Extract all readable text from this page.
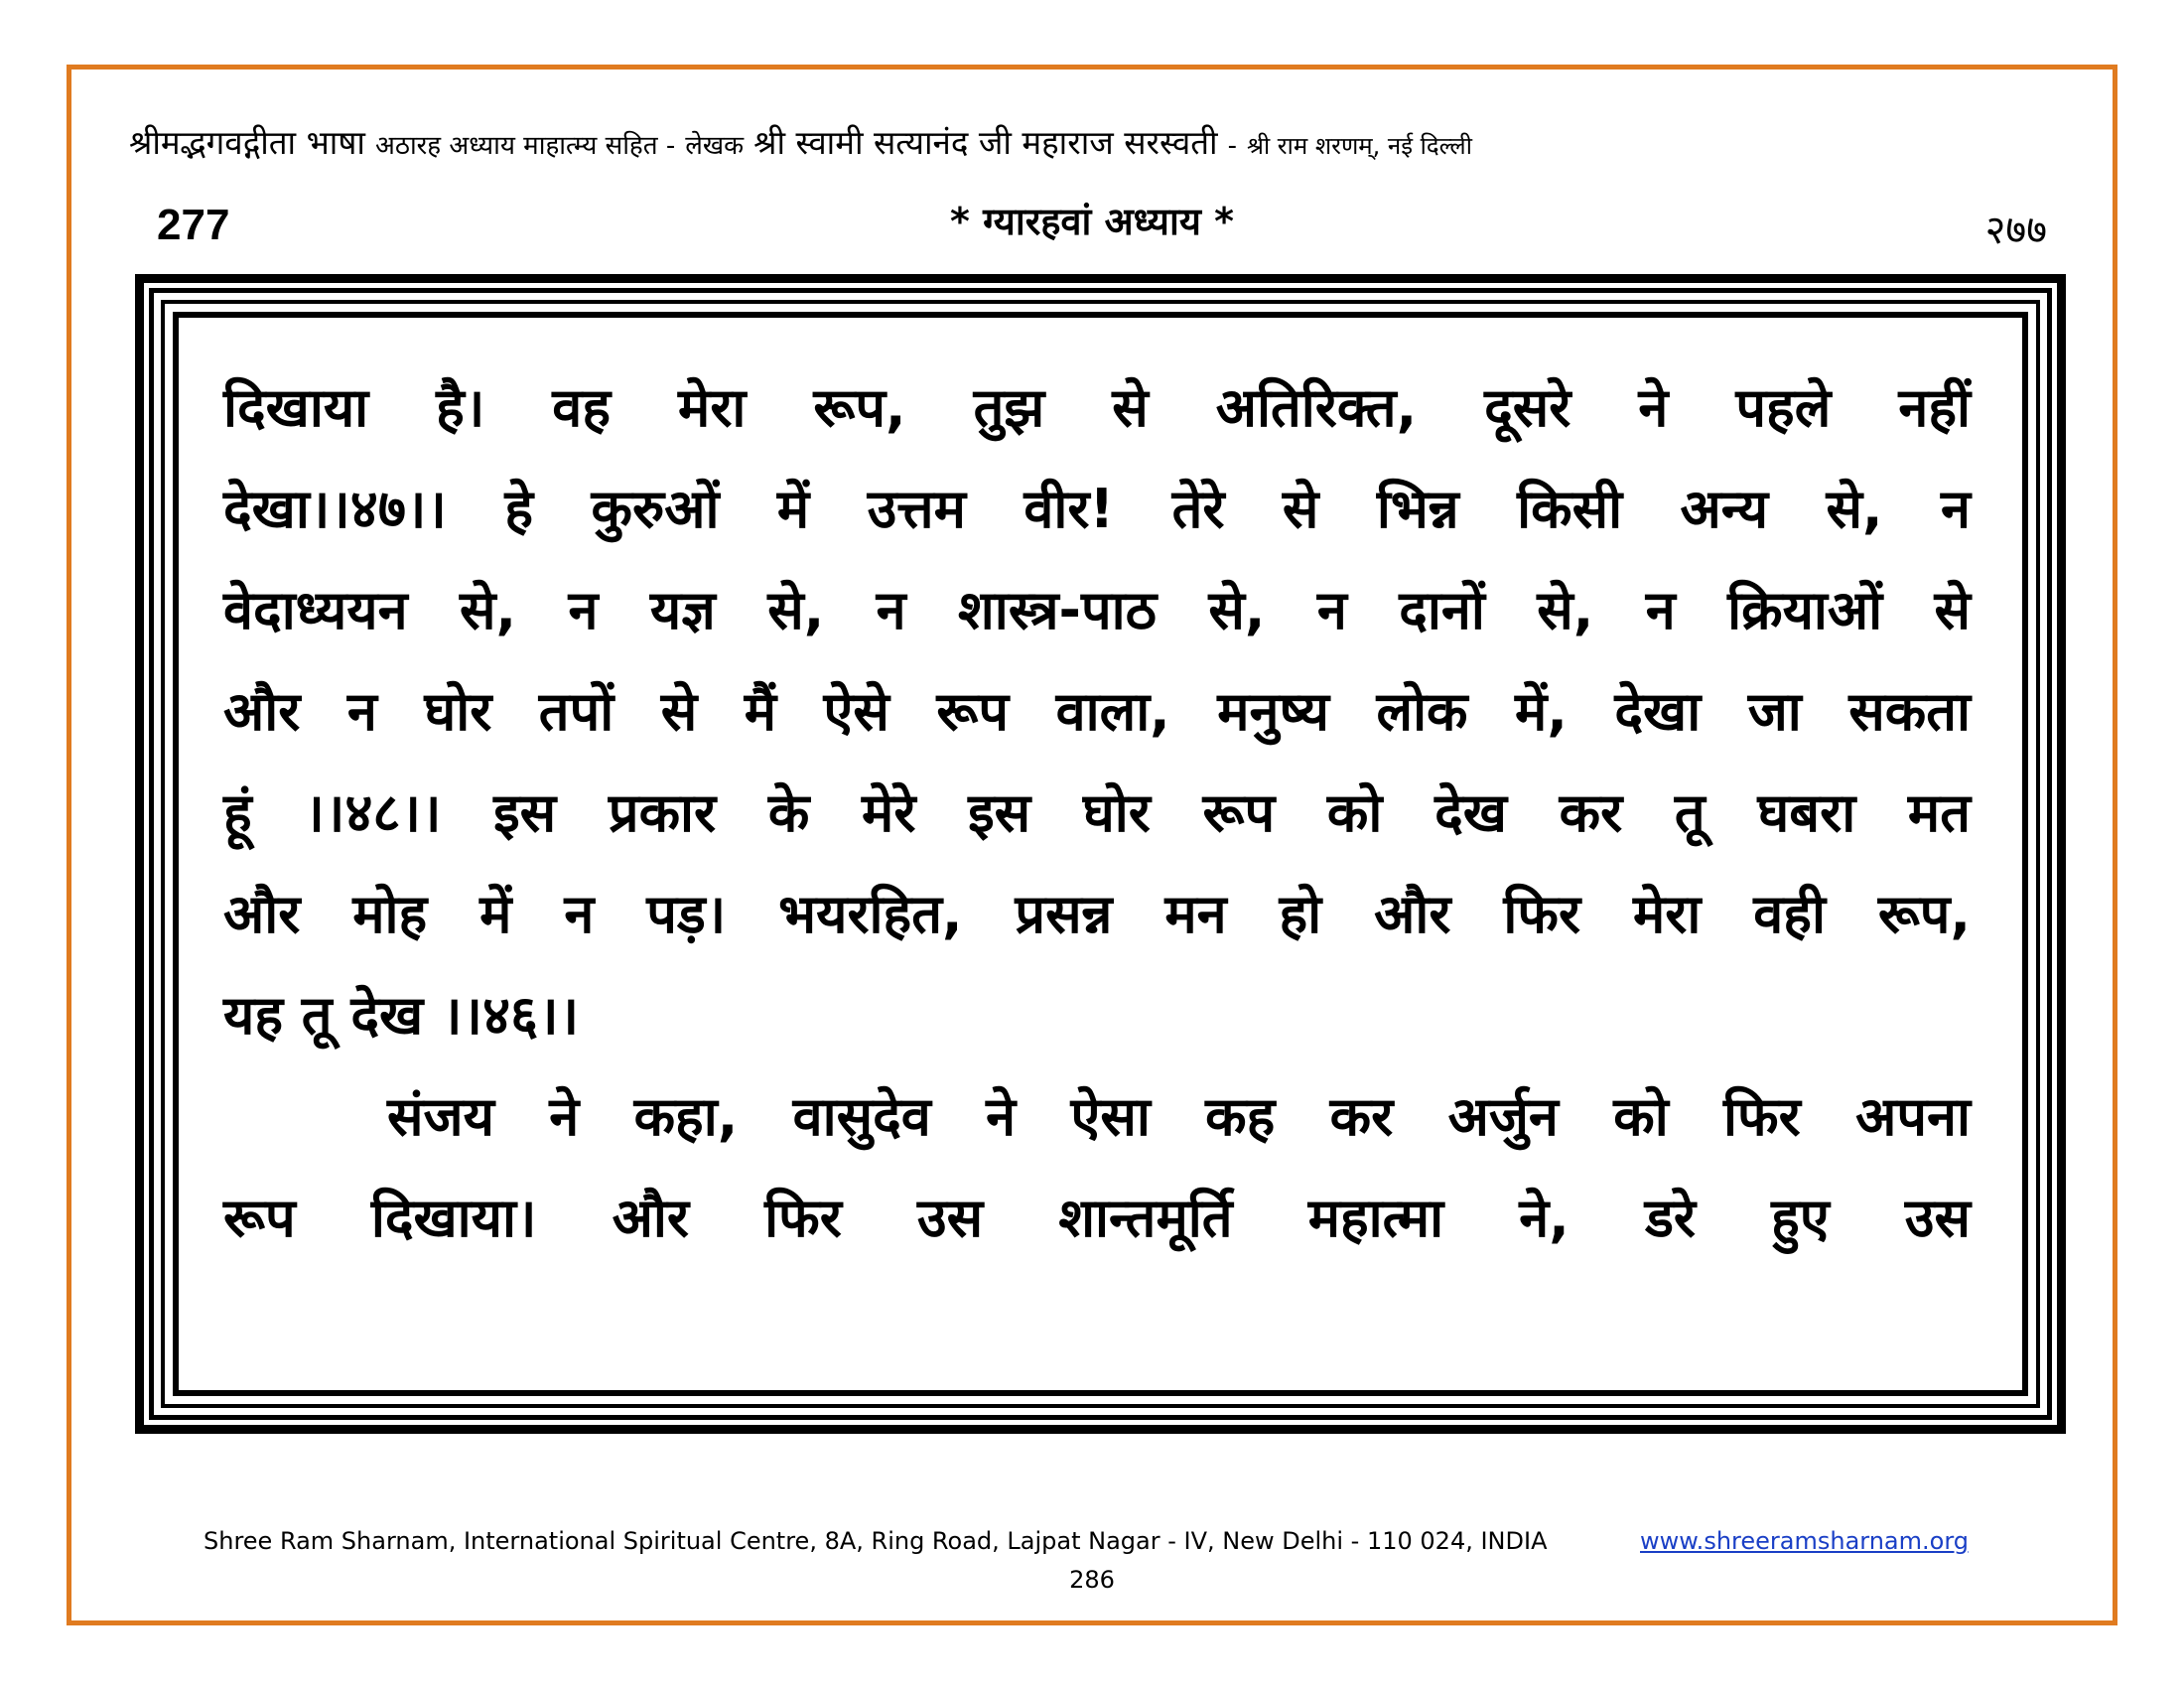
श्रीमद्भगवद्गीता भाषा अठारह अध्याय माहात्म्य सहित - लेखक श्री स्वामी सत्यानंद जी महाराज सरस्वती - श्री राम शरणम्, नई दिल्ली
277	* ग्यारहवां अध्याय *	२७७
दिखाया है। वह मेरा रूप, तुझ से अतिरिक्त, दूसरे ने पहले नहीं
देखा।।४७।। हे कुरुओं में उत्तम वीर! तेरे से भिन्न किसी अन्य से, न
वेदाध्ययन से, न यज्ञ से, न शास्त्र-पाठ से, न दानों से, न क्रियाओं से
और न घोर तपों से मैं ऐसे रूप वाला, मनुष्य लोक में, देखा जा सकता
हूं ।।४८।। इस प्रकार के मेरे इस घोर रूप को देख कर तू घबरा मत
और मोह में न पड़। भयरहित, प्रसन्न मन हो और फिर मेरा वही रूप,
यह तू देख ।।४६।।
संजय ने कहा, वासुदेव ने ऐसा कह कर अर्जुन को फिर अपना
रूप दिखाया। और फिर उस शान्तमूर्ति महात्मा ने, डरे हुए उस
Shree Ram Sharnam, International Spiritual Centre, 8A, Ring Road, Lajpat Nagar - IV, New Delhi - 110 024, INDIA	www.shreeramsharnam.org
286
